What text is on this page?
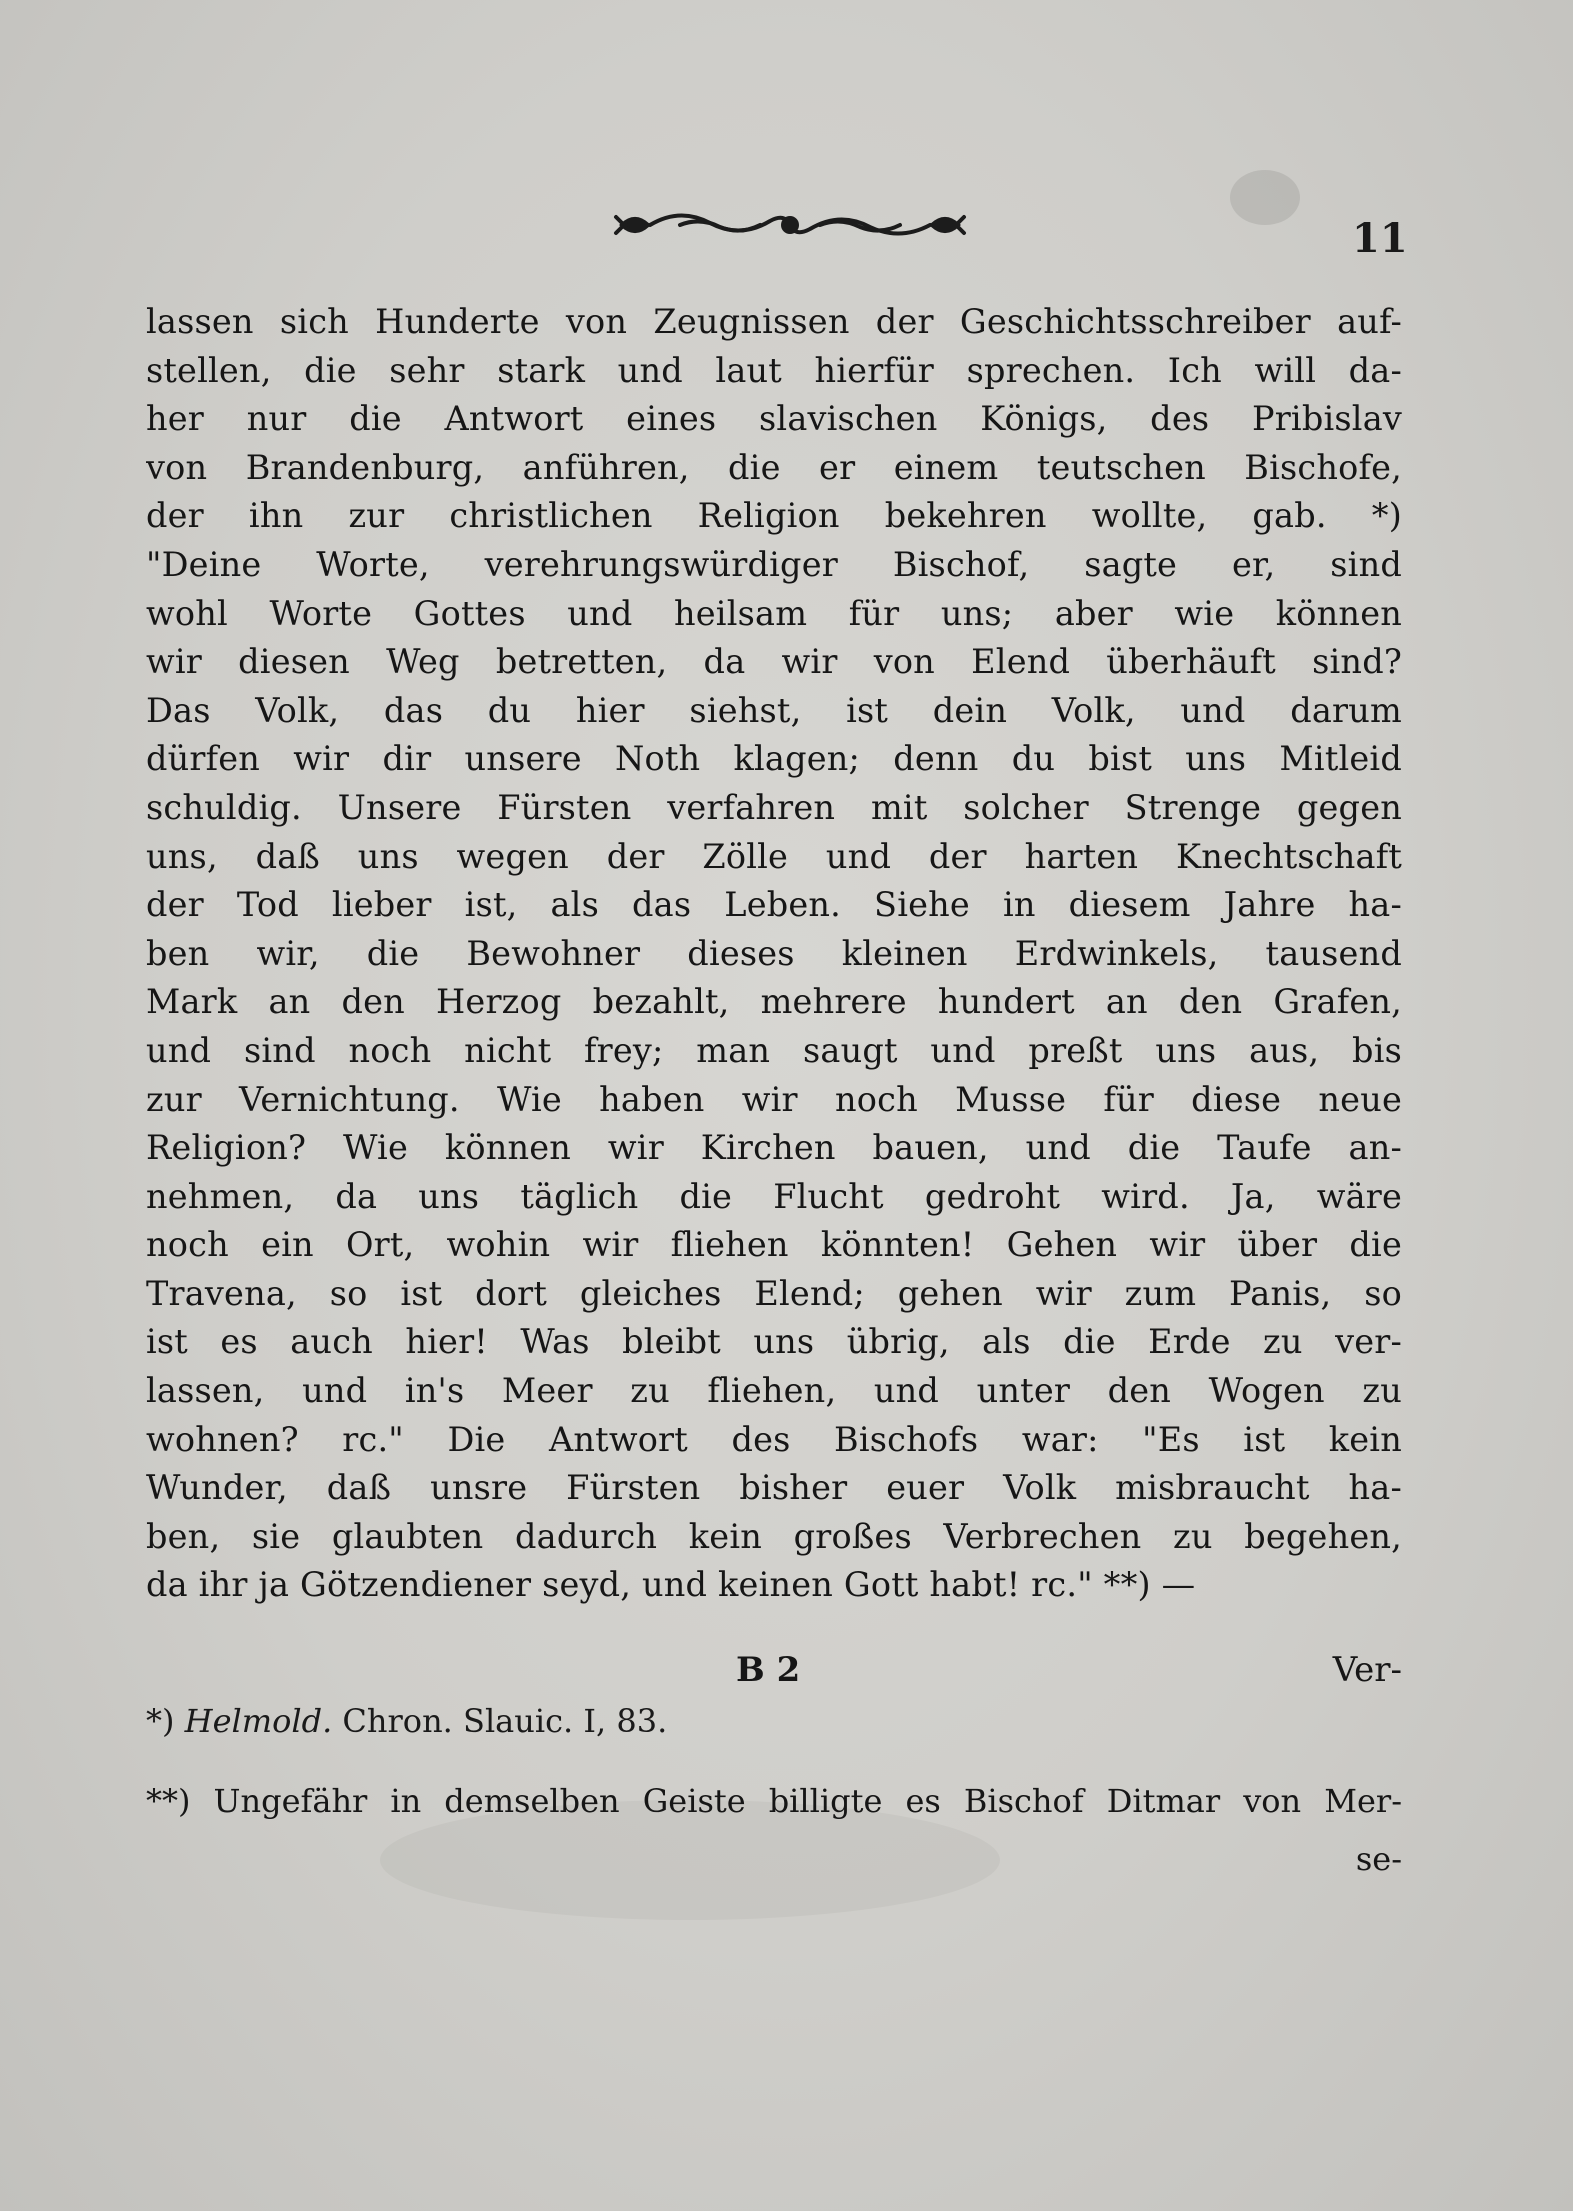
11
lassen sich Hunderte von Zeugnissen der Geschichtsschreiber auf-
stellen, die sehr stark und laut hierfür sprechen. Ich will da-
her nur die Antwort eines slavischen Königs, des Pribislav
von Brandenburg, anführen, die er einem teutschen Bischofe,
der ihn zur christlichen Religion bekehren wollte, gab. *)
"Deine Worte, verehrungswürdiger Bischof, sagte er, sind
wohl Worte Gottes und heilsam für uns; aber wie können
wir diesen Weg betretten, da wir von Elend überhäuft sind?
Das Volk, das du hier siehst, ist dein Volk, und darum
dürfen wir dir unsere Noth klagen; denn du bist uns Mitleid
schuldig. Unsere Fürsten verfahren mit solcher Strenge gegen
uns, daß uns wegen der Zölle und der harten Knechtschaft
der Tod lieber ist, als das Leben. Siehe in diesem Jahre ha-
ben wir, die Bewohner dieses kleinen Erdwinkels, tausend
Mark an den Herzog bezahlt, mehrere hundert an den Grafen,
und sind noch nicht frey; man saugt und preßt uns aus, bis
zur Vernichtung. Wie haben wir noch Musse für diese neue
Religion? Wie können wir Kirchen bauen, und die Taufe an-
nehmen, da uns täglich die Flucht gedroht wird. Ja, wäre
noch ein Ort, wohin wir fliehen könnten! Gehen wir über die
Travena, so ist dort gleiches Elend; gehen wir zum Panis, so
ist es auch hier! Was bleibt uns übrig, als die Erde zu ver-
lassen, und in's Meer zu fliehen, und unter den Wogen zu
wohnen? rc." Die Antwort des Bischofs war: "Es ist kein
Wunder, daß unsre Fürsten bisher euer Volk misbraucht ha-
ben, sie glaubten dadurch kein großes Verbrechen zu begehen,
da ihr ja Götzendiener seyd, und keinen Gott habt! rc." **) —
B 2	Ver-
*) Helmold. Chron. Slauic. I, 83.
**) Ungefähr in demselben Geiste billigte es Bischof Ditmar von Mer-
se-
